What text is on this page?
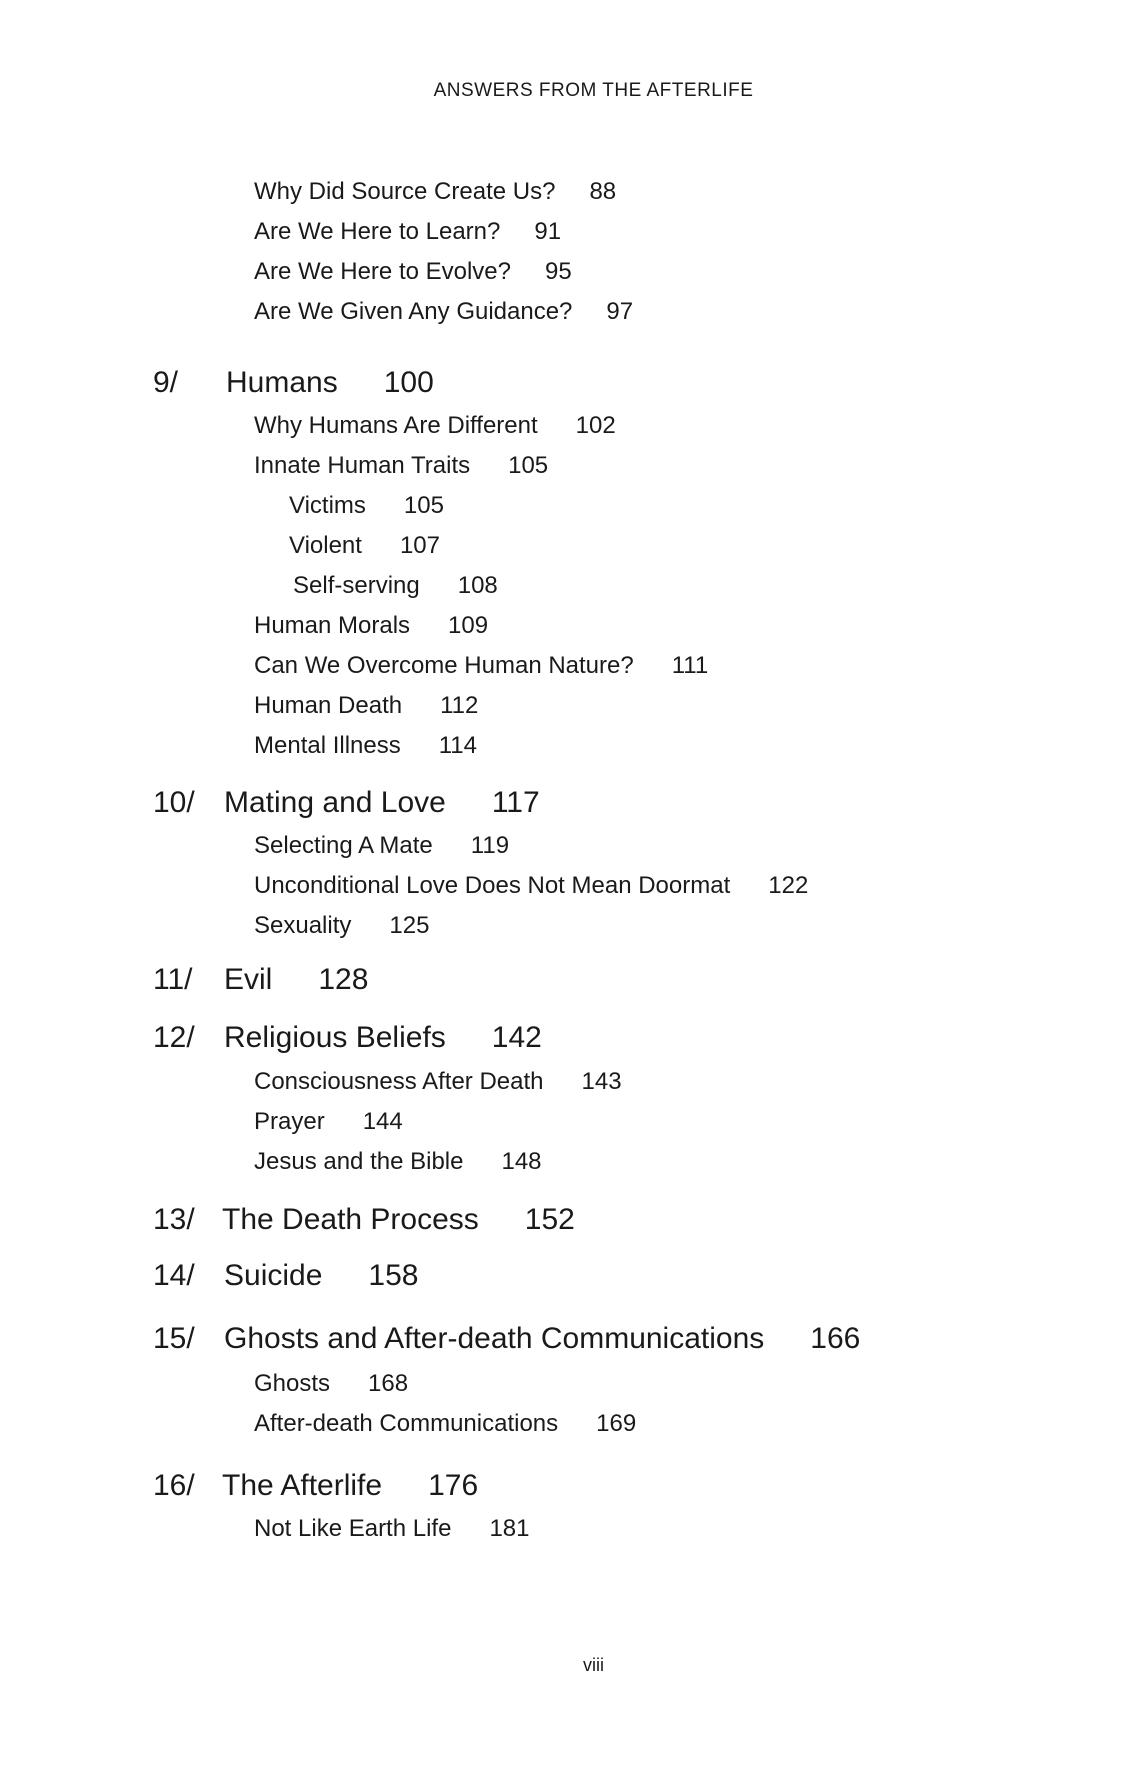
ANSWERS FROM THE AFTERLIFE
Why Did Source Create Us? 88
Are We Here to Learn? 91
Are We Here to Evolve? 95
Are We Given Any Guidance? 97
9/ Humans 100
Why Humans Are Different 102
Innate Human Traits 105
Victims 105
Violent 107
Self-serving 108
Human Morals 109
Can We Overcome Human Nature? 111
Human Death 112
Mental Illness 114
10/ Mating and Love 117
Selecting A Mate 119
Unconditional Love Does Not Mean Doormat 122
Sexuality 125
11/ Evil 128
12/ Religious Beliefs 142
Consciousness After Death 143
Prayer 144
Jesus and the Bible 148
13/ The Death Process 152
14/ Suicide 158
15/ Ghosts and After-death Communications 166
Ghosts 168
After-death Communications 169
16/ The Afterlife 176
Not Like Earth Life 181
viii
